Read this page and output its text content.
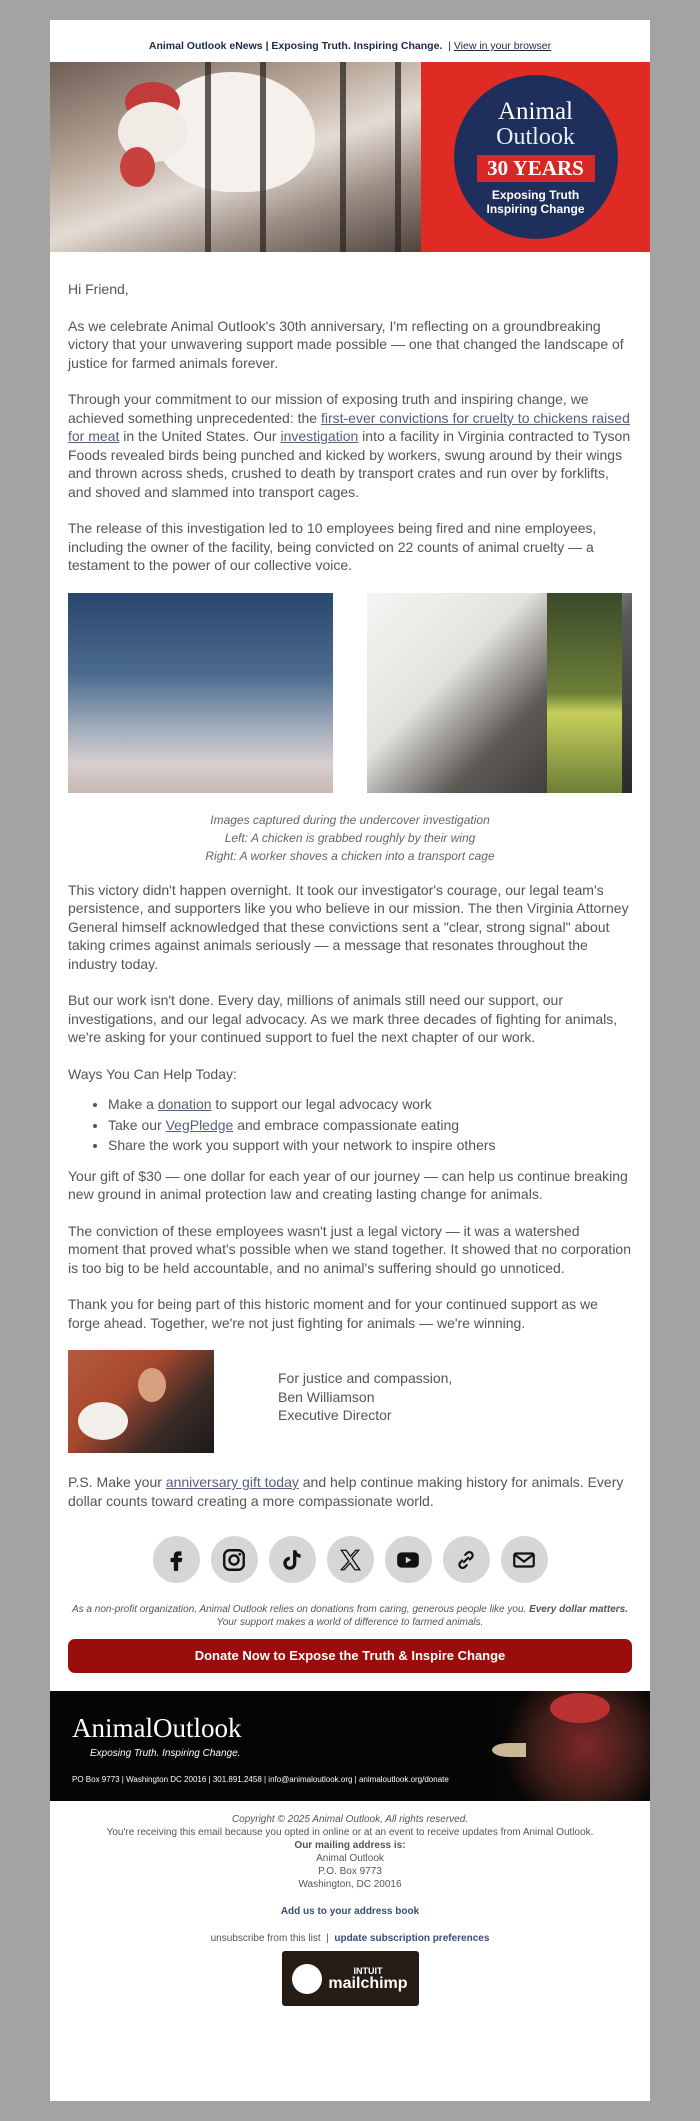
Animal Outlook eNews | Exposing Truth. Inspiring Change. | View in your browser
Animal
Outlook
30 YEARS
Exposing Truth
Inspiring Change

Hi Friend,

As we celebrate Animal Outlook's 30th anniversary, I'm reflecting on a groundbreaking victory that your unwavering support made possible — one that changed the landscape of justice for farmed animals forever.

Through your commitment to our mission of exposing truth and inspiring change, we achieved something unprecedented: the first-ever convictions for cruelty to chickens raised for meat in the United States. Our investigation into a facility in Virginia contracted to Tyson Foods revealed birds being punched and kicked by workers, swung around by their wings and thrown across sheds, crushed to death by transport crates and run over by forklifts, and shoved and slammed into transport cages.

The release of this investigation led to 10 employees being fired and nine employees, including the owner of the facility, being convicted on 22 counts of animal cruelty — a testament to the power of our collective voice.

Images captured during the undercover investigation
Left: A chicken is grabbed roughly by their wing
Right: A worker shoves a chicken into a transport cage

This victory didn't happen overnight. It took our investigator's courage, our legal team's persistence, and supporters like you who believe in our mission. The then Virginia Attorney General himself acknowledged that these convictions sent a "clear, strong signal" about taking crimes against animals seriously — a message that resonates throughout the industry today.

But our work isn't done. Every day, millions of animals still need our support, our investigations, and our legal advocacy. As we mark three decades of fighting for animals, we're asking for your continued support to fuel the next chapter of our work.

Ways You Can Help Today:

• Make a donation to support our legal advocacy work
• Take our VegPledge and embrace compassionate eating
• Share the work you support with your network to inspire others

Your gift of $30 — one dollar for each year of our journey — can help us continue breaking new ground in animal protection law and creating lasting change for animals.

The conviction of these employees wasn't just a legal victory — it was a watershed moment that proved what's possible when we stand together. It showed that no corporation is too big to be held accountable, and no animal's suffering should go unnoticed.

Thank you for being part of this historic moment and for your continued support as we forge ahead. Together, we're not just fighting for animals — we're winning.

For justice and compassion,
Ben Williamson
Executive Director

P.S. Make your anniversary gift today and help continue making history for animals. Every dollar counts toward creating a more compassionate world.

As a non-profit organization, Animal Outlook relies on donations from caring, generous people like you. Every dollar matters. Your support makes a world of difference to farmed animals.
Donate Now to Expose the Truth & Inspire Change
AnimalOutlook
Exposing Truth. Inspiring Change.
PO Box 9773 | Washington DC 20016 | 301.891.2458 | info@animaloutlook.org | animaloutlook.org/donate
Copyright © 2025 Animal Outlook, All rights reserved.
You're receiving this email because you opted in online or at an event to receive updates from Animal Outlook.
Our mailing address is:
Animal Outlook
P.O. Box 9773
Washington, DC 20016
Add us to your address book
unsubscribe from this list | update subscription preferences
INTUIT
mailchimp
